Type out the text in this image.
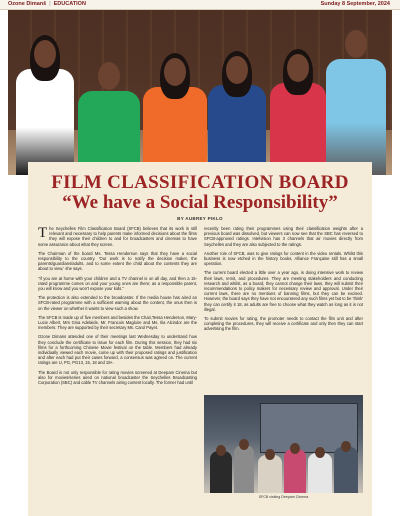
Ozone Dimanš | EDUCATION	Sunday 8 September, 2024
FILM CLASSIFICATION BOARD
“We have a Social Responsibility”
BY AUBREY PIKLO

The Seychelles Film Classification Board (SFCB) believes that its work is still relevant and necessary to help parents make informed decisions about the films they will expose their children to and for broadcasters and cinemas to have some assurance about what they screen.

The Chairman of the board Ms. Tessa Henderson says that they have a social responsibility to the country. 'Our work is to notify the decision maker, the parents/guardians/adults, and to some extent the child about the contents they are about to view,' she says.

"If you are at home with your children and a TV channel is on all day, and then a 15-rated programme comes on and your young ones are there; as a responsible parent, you will know and you won't expose your kids."

The protection is also extended to the broadcaster. If the media house has aired an SFCB-rated programme with a sufficient warning about the content, the onus then is on the viewer on whether it wants to view such a show.

The SFCB is made up of five members and besides the Chair,Tessa Henderson, Mary-Lucie Albert, Mrs Gina Adelaide, Mr. Francois Magloire and Ms. Ilia Alcindor are the members. They are supported by their secretary Ms. Carol Payet.

Ozone Dimans attended one of their meetings last Wednesday to understand how they conclude the certificate to issue for each film. During this session, they had six films for a forthcoming Chinese Movie festival on the table. Members had already individually viewed each movie, come up with their proposed ratings and justification and after each had put their cases forward, a consensus was agreed on. The current ratings are U, PG, PG13, 15, 18 and 18+.

The Board is not only responsible for rating movies screened at Deepam Cinema but also for movies/series aired on national broadcaster the Seychelles Broadcasting Corporation (SBC) and cable TV channels airing content locally. The former had until

recently been rating their programmes using their classification weights after a previous board was dissolved, but viewers can now see that the SBC has reversed to SFCB-approved ratings. Intelvision has 3 channels that air movies directly from Seychelles and they are also subjected to the ratings.

Another role of SFCB, was to give ratings for content in the video rentals. Whilst this business is now etched in the history books, Alliance Française still has a small operation.

The current board elected a little over a year ago, is doing intensive work to review their laws, remit, and procedures. They are meeting stakeholders and conducting research and whilst, as a board, they cannot change their laws, they will submit their recommendations to policy makers for necessary review and approval. Under their current laws, there are no mentions of banning films, but they can be excised. However, the board says they have not encountered any such films yet but to be 'think' they can certify it 18, as adults are free to choose what they watch as long as it is not illegal.

To submit movies for rating, the promoter needs to contact the film unit and after completing the procedures, they will receive a certificate and only then they can start advertising the film.

SFCB visiting Deepam Cinema
